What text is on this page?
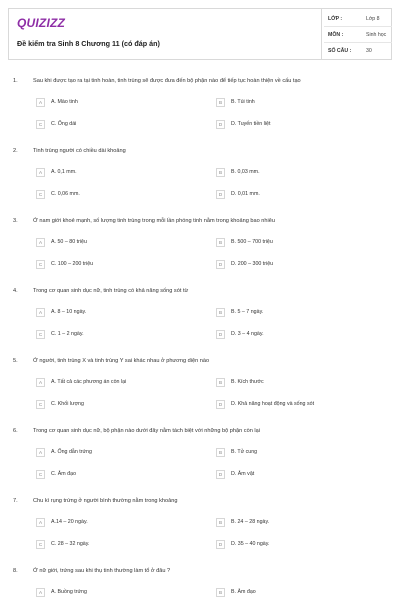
QUIZIZZ
Đề kiểm tra Sinh 8 Chương 11 (có đáp án)
LỚP :	Lớp 8
MÔN :	Sinh học
SỐ CÂU :	30
1.	Sau khi được tạo ra tại tinh hoàn, tinh trùng sẽ được đưa đến bộ phận nào để tiếp tục hoàn thiện về cấu tạo
A	A. Mào tinh	B	B. Túi tinh
C	C. Ống dái	D	D. Tuyến tiền liệt
2.	Tinh trùng người có chiều dài khoảng
A	A. 0,1 mm.	B	B. 0,03 mm.
C	C. 0,06 mm.	D	D. 0,01 mm.
3.	Ở nam giới khoẻ mạnh, số lượng tinh trùng trong mỗi lần phóng tinh nằm trong khoảng bao nhiêu
A	A. 50 – 80 triệu	B	B. 500 – 700 triệu
C	C. 100 – 200 triệu	D	D. 200 – 300 triệu
4.	Trong cơ quan sinh dục nữ, tinh trùng có khả năng sống sót từ
A	A. 8 – 10 ngày.	B	B. 5 – 7 ngày.
C	C. 1 – 2 ngày.	D	D. 3 – 4 ngày.
5.	Ở người, tinh trùng X và tinh trùng Y sai khác nhau ở phương diện nào
A	A. Tất cả các phương án còn lại	B	B. Kích thước
C	C. Khối lượng	D	D. Khả năng hoạt động và sống sót
6.	Trong cơ quan sinh dục nữ, bộ phận nào dưới đây nằm tách biệt với những bộ phận còn lại
A	A. Ống dẫn trứng	B	B. Tử cung
C	C. Âm đạo	D	D. Âm vật
7.	Chu kì rụng trứng ở người bình thường nằm trong khoảng
A	A.14 – 20 ngày.	B	B. 24 – 28 ngày.
C	C. 28 – 32 ngày.	D	D. 35 – 40 ngày.
8.	Ở nữ giới, trứng sau khi thụ tinh thường làm tổ ở đâu ?
A	A. Buồng trứng	B	B. Âm đạo
